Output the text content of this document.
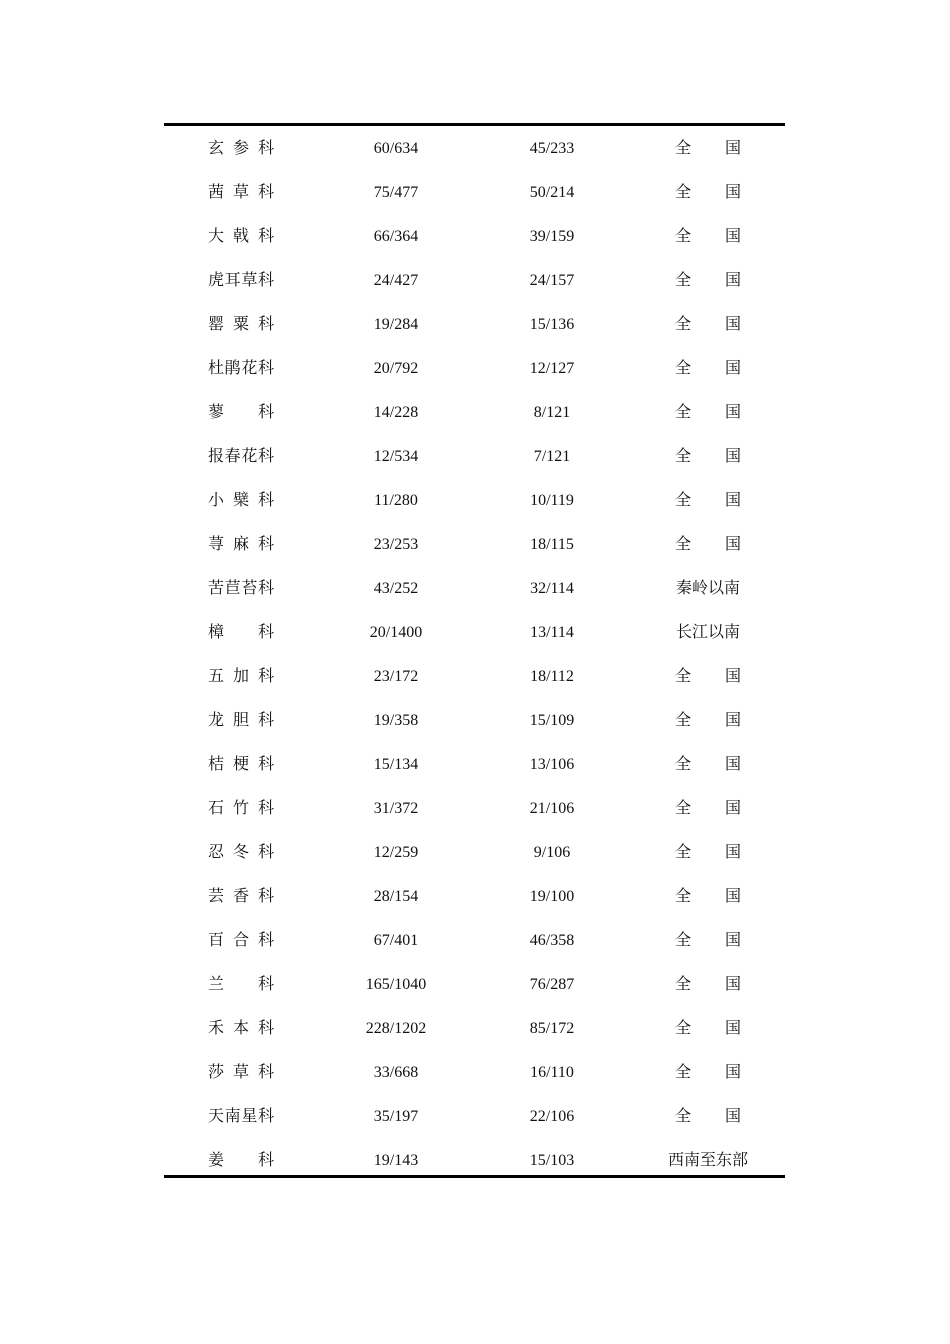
玄参科	60/634	45/233	全国
茜草科	75/477	50/214	全国
大戟科	66/364	39/159	全国
虎耳草科	24/427	24/157	全国
罂粟科	19/284	15/136	全国
杜鹃花科	20/792	12/127	全国
蓼科	14/228	8/121	全国
报春花科	12/534	7/121	全国
小檗科	11/280	10/119	全国
荨麻科	23/253	18/115	全国
苦苣苔科	43/252	32/114	秦岭以南
樟科	20/1400	13/114	长江以南
五加科	23/172	18/112	全国
龙胆科	19/358	15/109	全国
桔梗科	15/134	13/106	全国
石竹科	31/372	21/106	全国
忍冬科	12/259	9/106	全国
芸香科	28/154	19/100	全国
百合科	67/401	46/358	全国
兰科	165/1040	76/287	全国
禾本科	228/1202	85/172	全国
莎草科	33/668	16/110	全国
天南星科	35/197	22/106	全国
姜科	19/143	15/103	西南至东部
